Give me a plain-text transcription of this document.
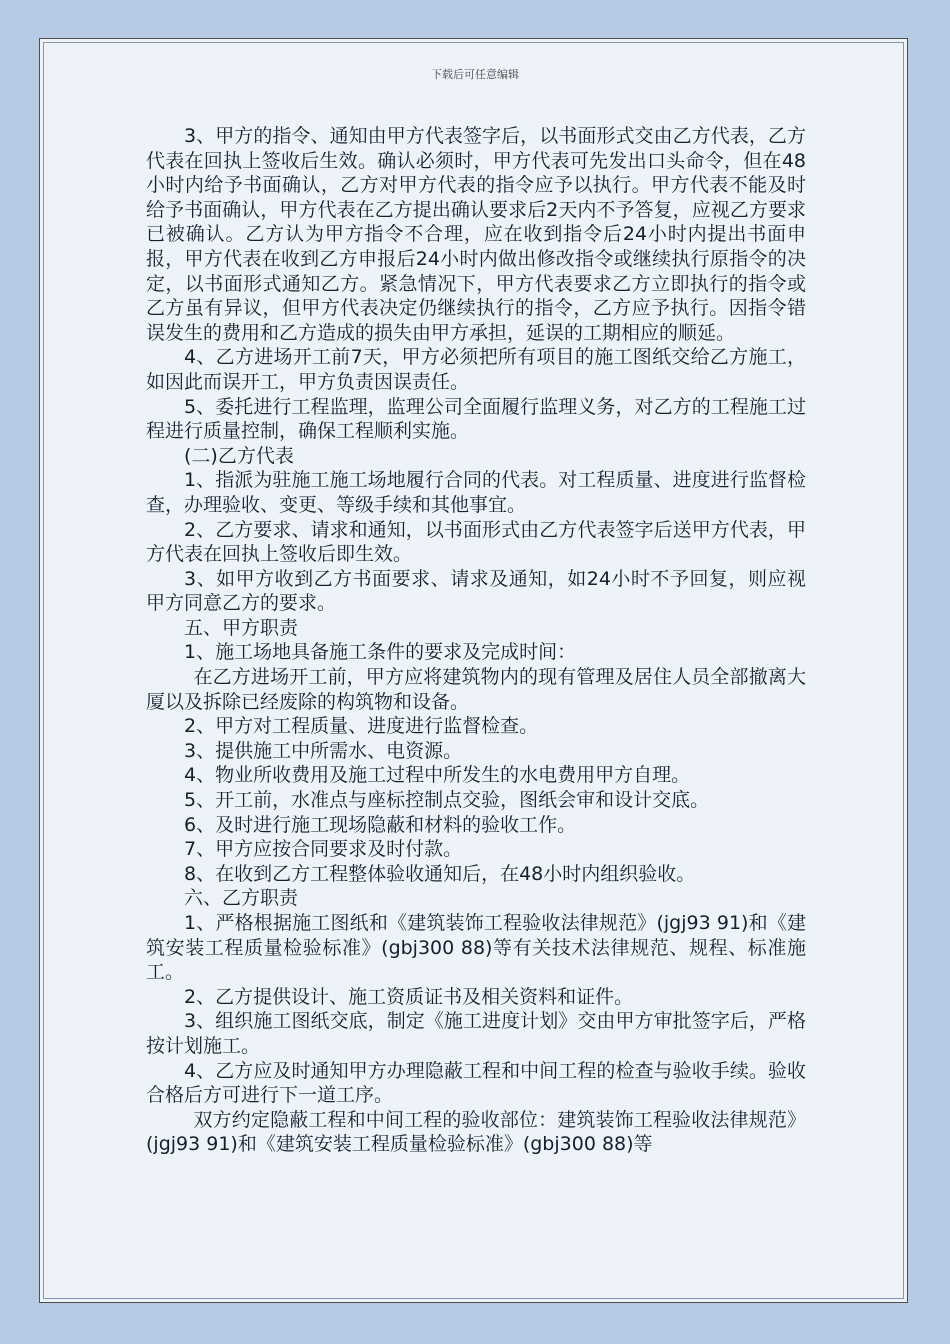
下载后可任意编辑

3、甲方的指令、通知由甲方代表签字后，以书面形式交由乙方代表，乙方代表在回执上签收后生效。确认必须时，甲方代表可先发出口头命令，但在48小时内给予书面确认，乙方对甲方代表的指令应予以执行。甲方代表不能及时给予书面确认，甲方代表在乙方提出确认要求后2天内不予答复，应视乙方要求已被确认。乙方认为甲方指令不合理，应在收到指令后24小时内提出书面申报，甲方代表在收到乙方申报后24小时内做出修改指令或继续执行原指令的决定，以书面形式通知乙方。紧急情况下，甲方代表要求乙方立即执行的指令或乙方虽有异议，但甲方代表决定仍继续执行的指令，乙方应予执行。因指令错误发生的费用和乙方造成的损失由甲方承担，延误的工期相应的顺延。

4、乙方进场开工前7天，甲方必须把所有项目的施工图纸交给乙方施工，如因此而误开工，甲方负责因误责任。

5、委托进行工程监理，监理公司全面履行监理义务，对乙方的工程施工过程进行质量控制，确保工程顺利实施。

(二)乙方代表

1、指派为驻施工施工场地履行合同的代表。对工程质量、进度进行监督检查，办理验收、变更、等级手续和其他事宜。

2、乙方要求、请求和通知，以书面形式由乙方代表签字后送甲方代表，甲方代表在回执上签收后即生效。

3、如甲方收到乙方书面要求、请求及通知，如24小时不予回复，则应视甲方同意乙方的要求。

五、甲方职责

1、施工场地具备施工条件的要求及完成时间：

在乙方进场开工前，甲方应将建筑物内的现有管理及居住人员全部撤离大厦以及拆除已经废除的构筑物和设备。

2、甲方对工程质量、进度进行监督检查。

3、提供施工中所需水、电资源。

4、物业所收费用及施工过程中所发生的水电费用甲方自理。

5、开工前，水准点与座标控制点交验，图纸会审和设计交底。

6、及时进行施工现场隐蔽和材料的验收工作。

7、甲方应按合同要求及时付款。

8、在收到乙方工程整体验收通知后，在48小时内组织验收。

六、乙方职责

1、严格根据施工图纸和《建筑装饰工程验收法律规范》(jgj93 91)和《建筑安装工程质量检验标准》(gbj300 88)等有关技术法律规范、规程、标准施工。

2、乙方提供设计、施工资质证书及相关资料和证件。

3、组织施工图纸交底，制定《施工进度计划》交由甲方审批签字后，严格按计划施工。

4、乙方应及时通知甲方办理隐蔽工程和中间工程的检查与验收手续。验收合格后方可进行下一道工序。

双方约定隐蔽工程和中间工程的验收部位：建筑装饰工程验收法律规范》(jgj93 91)和《建筑安装工程质量检验标准》(gbj300 88)等
